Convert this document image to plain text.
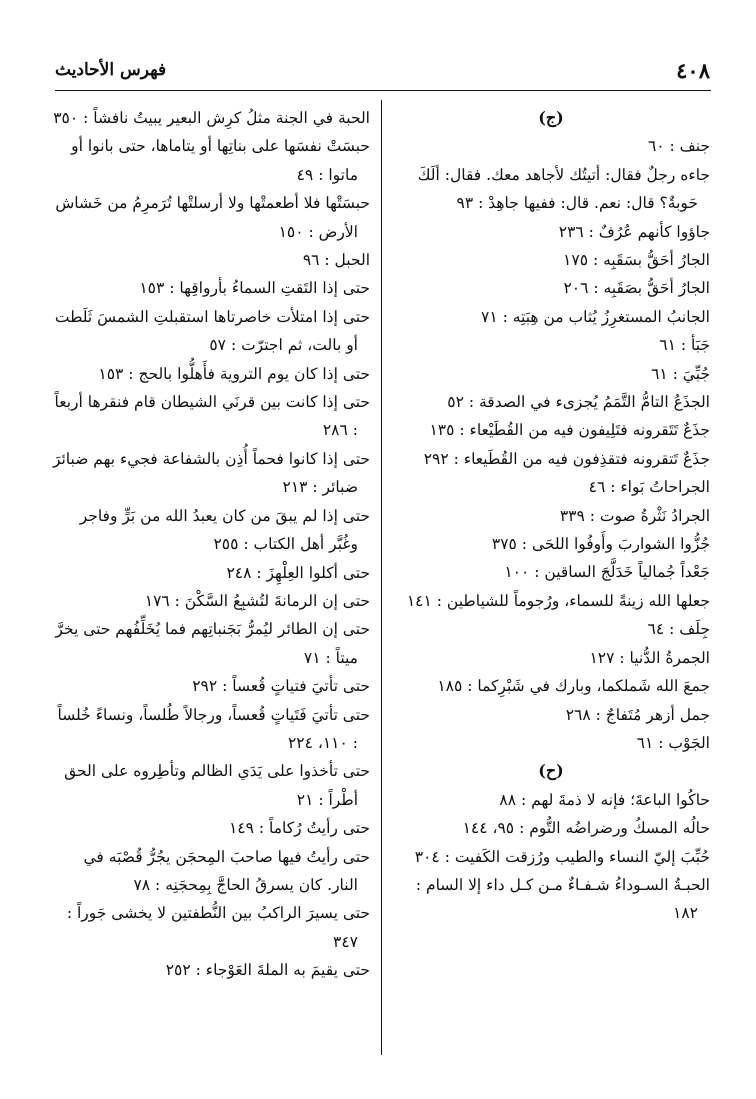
٤٠٨
فهرس الأحاديث

(ج)

جنف : ٦٠

جاءه رجلٌ فقال: أتيتُك لأجاهد معك. فقال: ألَكَ حَوبةٌ؟ قال: نعم. قال: ففيها جاهِدْ : ٩٣

جاؤوا كأنهم عُرُفٌ : ٢٣٦

الجارُ أحَقُّ بسَقَبِه : ١٧٥

الجارُ أحَقُّ بصَقَبِه : ٢٠٦

الجانبُ المستغرِزُ يُثاب من هِبَتِه : ٧١

جَبَأ : ٦١

جُبِّيَ : ٦١

الجذَعُ التامُّ التَّمَمُ يُجزىء في الصدقة : ٥٢

جذَعٌ تَتَقرونه فتَلِيفون فيه من القُطَيْعاء : ١٣٥

جذَعٌ تَتقرونه فتقذِفون فيه من القُطَيعاء : ٢٩٢

الجراحاتُ بَواء : ٤٦

الجرادُ نَثْرةُ صوت : ٣٣٩

جُزُّوا الشواربَ وأَوفُوا اللحَى : ٣٧٥

جَعْداً جُمالياً خَدَلَّجَ الساقين : ١٠٠

جعلها الله زينةً للسماء، ورُجوماً للشياطين : ١٤١

جِلَف : ٦٤

الجمرةُ الدُّنيا : ١٢٧

جمعَ الله شَملكما، وبارك في شَبْرِكما : ١٨٥

جمل أزهر مُتَفاجٌ : ٢٦٨

الجَوْب : ٦١

(ح)

حاكُوا الباعةَ؛ فإنه لا ذمةَ لهم : ٨٨

حالُه المسكُ ورضراضُه التُّوم : ٩٥، ١٤٤

حُبِّبَ إليّ النساء والطيب ورُزقت الكَفيت : ٣٠٤

الحبـةُ السـوداءُ شـفـاءٌ مـن كـل داء إلا السام : ١٨٢

الحبة في الجنة مثلُ كرِش البعير يبيتُ نافشاً : ٣٥٠

حبسَتْ نفسَها على بناتِها أو يتاماها، حتى بانوا أو ماتوا : ٤٩

حبسَتْها فلا أطعمتْها ولا أرسلتْها تُرَمرِمُ من خَشاش الأرض : ١٥٠

الحبل : ٩٦

حتى إذا التَقتِ السماءُ بأرواقِها : ١٥٣

حتى إذا امتلأت خاصرتاها استقبلتِ الشمسَ ثَلَطت أو بالت، ثم اجترّت : ٥٧

حتى إذا كان يوم التروية فأَهلُّوا بالحج : ١٥٣

حتى إذا كانت بين قرنَي الشيطان قام فنقرها أربعاً : ٢٨٦

حتى إذا كانوا فحماً أُذِن بالشفاعة فجيء بهم ضبائرَ ضبائر : ٢١٣

حتى إذا لم يبقَ من كان يعبدُ الله من بَرٍّ وفاجر وغُبَّر أهل الكتاب : ٢٥٥

حتى أكلوا العِلْهِزَ : ٢٤٨

حتى إن الرمانةَ لتُشبِعُ السَّكْنَ : ١٧٦

حتى إن الطائر ليُمرُّ بَجَنباتِهم فما يُخَلِّفُهم حتى يخرَّ ميتاً : ٧١

حتى تأتيَ فتياتٍ قُعساً : ٢٩٢

حتى تأتيَ فَتَياتٍ قُعساً، ورجالاً طُلساً، ونساءً خُلساً : ١١٠، ٢٢٤

حتى تأخذوا على يَدَي الظالم وتأطِروه على الحق أطْراً : ٢١

حتى رأيتُ رُكاماً : ١٤٩

حتى رأيتُ فيها صاحبَ المِحجَن يجُرُّ قُصْبَه في النار. كان يسرقُ الحاجَّ بِمِحجَنِه : ٧٨

حتى يسيرَ الراكبُ بين النُّطفتين لا يخشى جَوراً : ٣٤٧

حتى يقيمَ به الملةَ العَوْجاء : ٢٥٢
